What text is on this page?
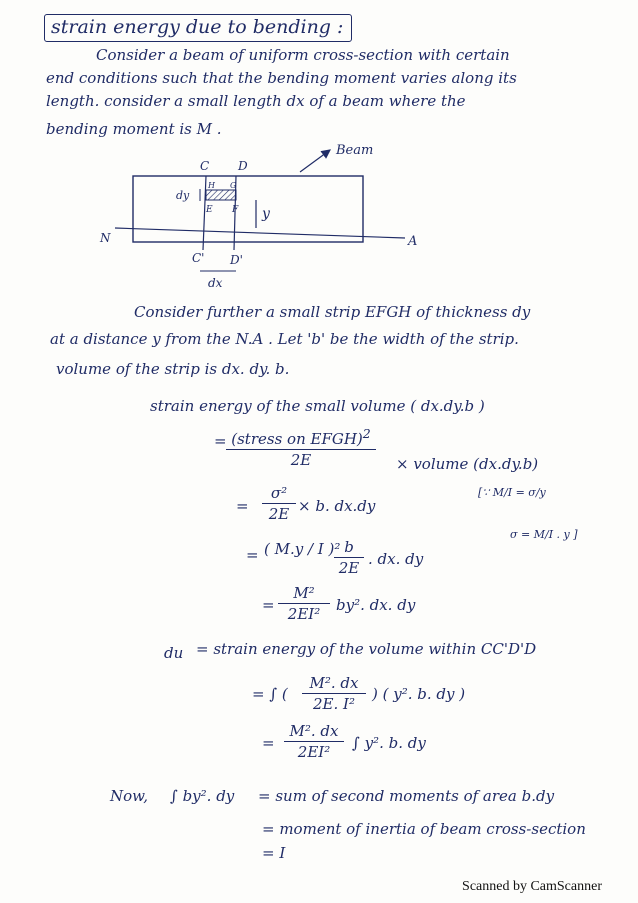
strain energy due to bending :
Consider a beam of uniform cross-section with certain
end conditions such that the bending moment varies along its
length. consider a small length dx of a beam where the
bending moment is M .
Beam
C D
H G
E F
dy
y
N	A
C' D'
dx
Consider further a small strip EFGH of thickness dy
at a distance y from the N.A . Let 'b' be the width of the strip.
volume of the strip is dx. dy. b.
strain energy of the small volume ( dx.dy.b )
= (stress on EFGH)$^2$
2E	× volume (dx.dy.b)
= $\frac{\text{σ²}}{2E} \times b$. dx.dy
[∵ M/I = σ/y
σ = M/I . y ]
= ( M.y / I )²
$\frac{b}{2E}$ . dx. dy
= $\frac{\text{M²}}{\text{2EI²}} by^2$. dx. dy
du = strain energy of the volume within CC'D'D
= ∫ ( $\frac{\text{M². dx}}{\text{2E. I²}}$ ) ( y². b. dy )
= $\frac{\text{M². dx}}{\text{2EI²}}$ ∫ y². b. dy
Now, ∫ by². dy = sum of second moments of area b.dy
= moment of inertia of beam cross-section
= I
Scanned by CamScanner
